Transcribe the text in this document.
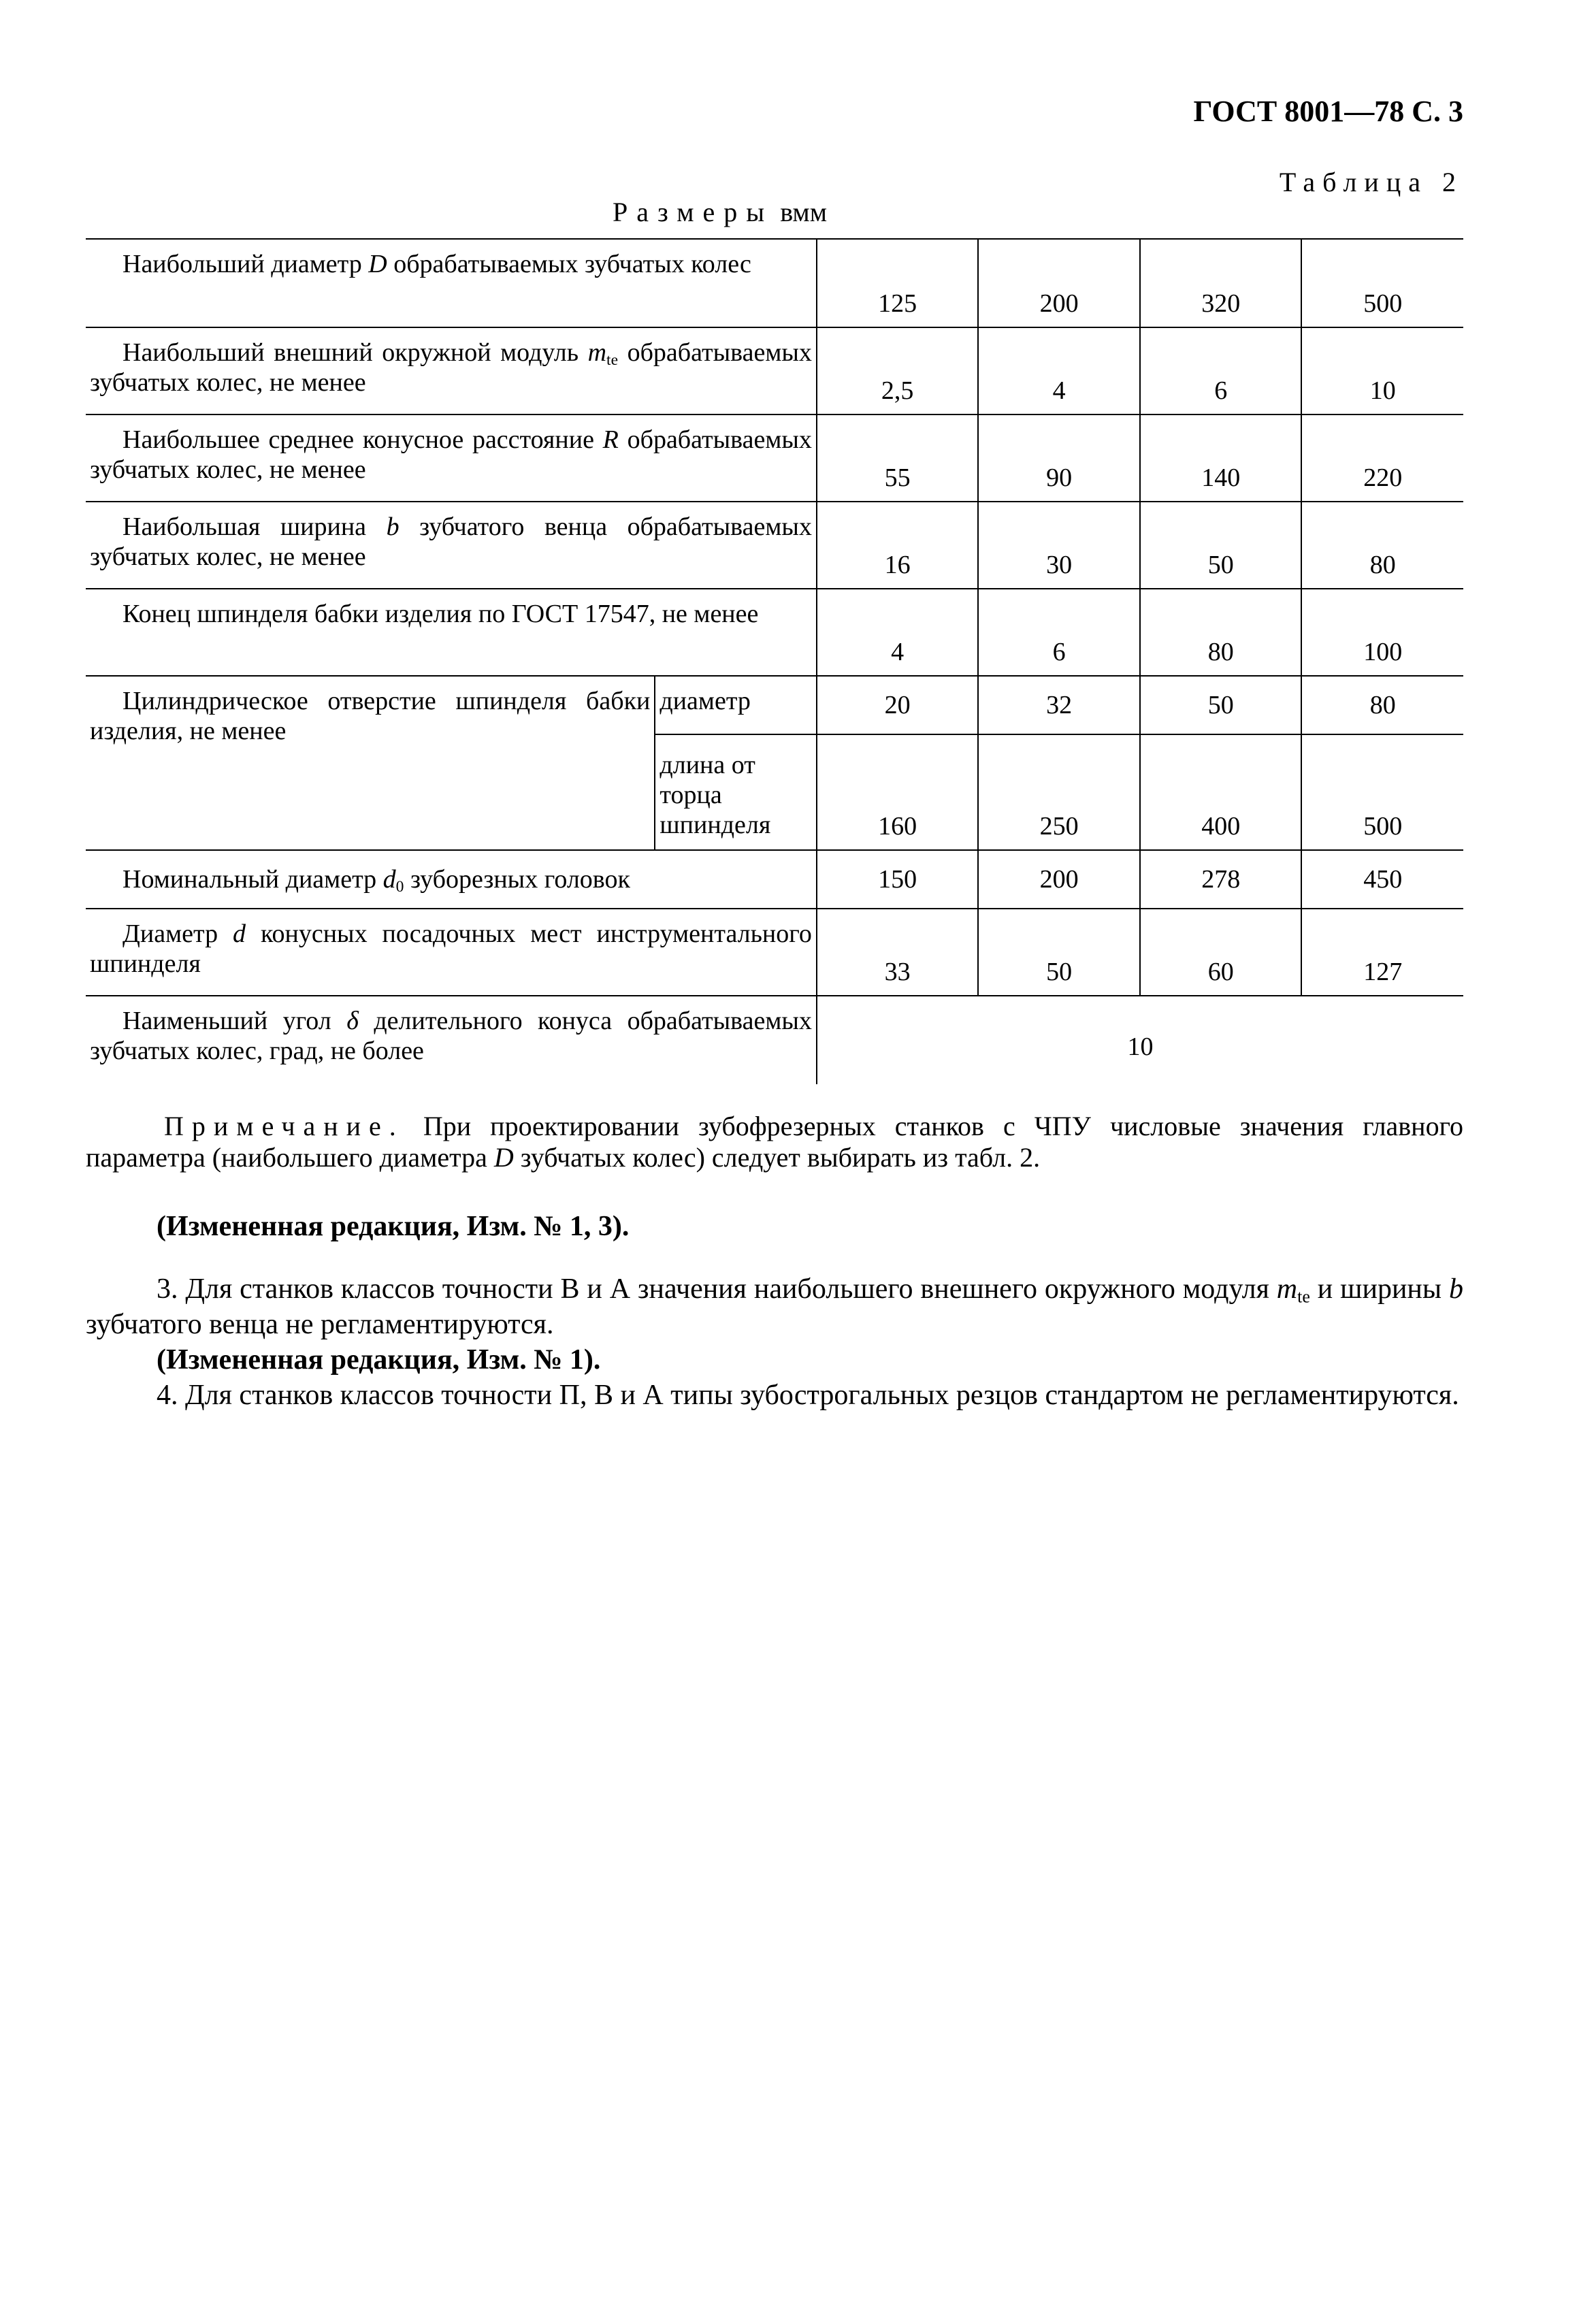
ГОСТ 8001—78 С. 3
Таблица 2
Размеры вмм
Наибольший диаметр D обрабатываемых зубчатых колес		125	200	320	500
Наибольший внешний окружной модуль $m_{te}$ обрабатываемых зубчатых колес, не менее		2,5	4	6	10
Наибольшее среднее конусное расстояние R обрабатываемых зубчатых колес, не менее		55	90	140	220
Наибольшая ширина b зубчатого венца обрабатываемых зубчатых колес, не менее		16	30	50	80
Конец шпинделя бабки изделия по ГОСТ 17547, не менее		4	6	80	100
Цилиндрическое отверстие шпинделя бабки изделия, не менее	диаметр	20	32	50	80
	длина от торца шпинделя	160	250	400	500
Номинальный диаметр $d_0$ зуборезных головок		150	200	278	450
Диаметр d конусных посадочных мест инструментального шпинделя		33	50	60	127
Наименьший угол δ делительного конуса обрабатываемых зубчатых колес, град, не более		10			
Примечание. При проектировании зубофрезерных станков с ЧПУ числовые значения главного параметра (наибольшего диаметра D зубчатых колес) следует выбирать из табл. 2.
(Измененная редакция, Изм. № 1, 3).
3. Для станков классов точности В и А значения наибольшего внешнего окружного модуля $m_{te}$ и ширины b зубчатого венца не регламентируются.
(Измененная редакция, Изм. № 1).
4. Для станков классов точности П, В и А типы зубострогальных резцов стандартом не регламентируются.
